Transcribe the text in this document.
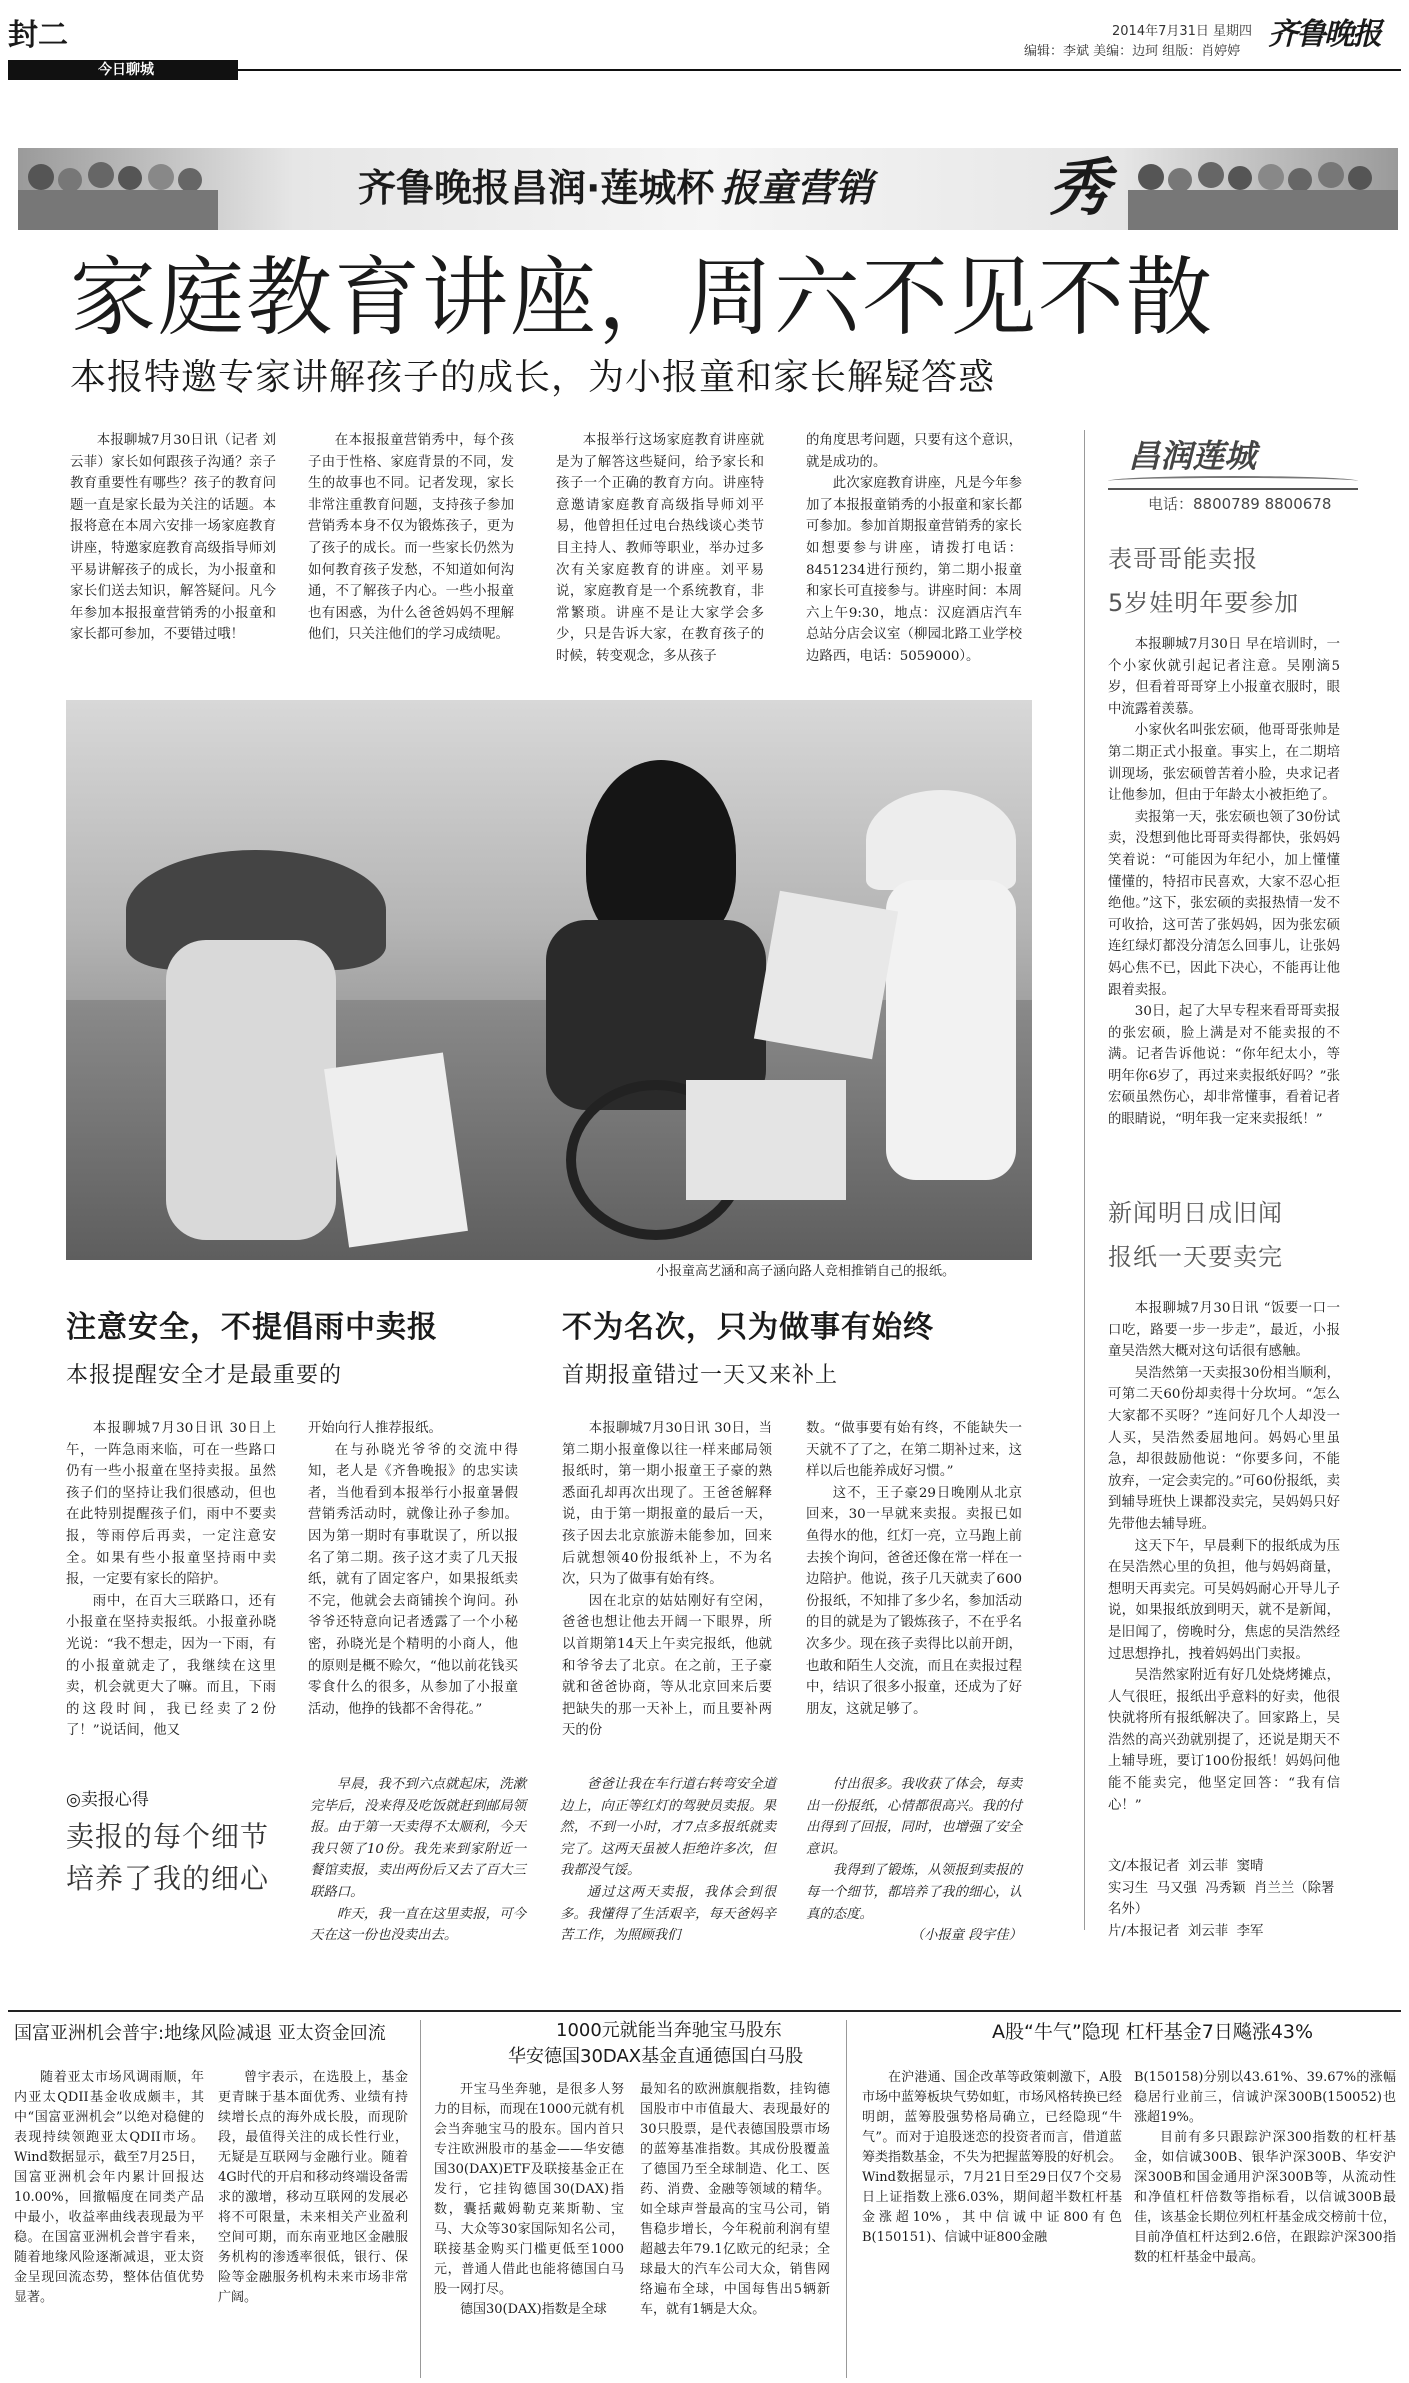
封二
今日聊城
2014年7月31日 星期四
编辑：李斌 美编：边珂 组版：肖婷婷 齐鲁晚报
齐鲁晚报昌润·莲城杯 报童营销	秀
家庭教育讲座，周六不见不散
本报特邀专家讲解孩子的成长，为小报童和家长解疑答惑

本报聊城7月30日讯（记者 刘云菲）家长如何跟孩子沟通？亲子教育重要性有哪些？孩子的教育问题一直是家长最为关注的话题。本报将意在本周六安排一场家庭教育讲座，特邀家庭教育高级指导师刘平易讲解孩子的成长，为小报童和家长们送去知识，解答疑问。凡今年参加本报报童营销秀的小报童和家长都可参加，不要错过哦！

在本报报童营销秀中，每个孩子由于性格、家庭背景的不同，发生的故事也不同。记者发现，家长非常注重教育问题，支持孩子参加营销秀本身不仅为锻炼孩子，更为了孩子的成长。而一些家长仍然为如何教育孩子发愁，不知道如何沟通，不了解孩子内心。一些小报童也有困惑，为什么爸爸妈妈不理解他们，只关注他们的学习成绩呢。

本报举行这场家庭教育讲座就是为了解答这些疑问，给予家长和孩子一个正确的教育方向。讲座特意邀请家庭教育高级指导师刘平易，他曾担任过电台热线谈心类节目主持人、教师等职业，举办过多次有关家庭教育的讲座。刘平易说，家庭教育是一个系统教育，非常繁琐。讲座不是让大家学会多少，只是告诉大家，在教育孩子的时候，转变观念，多从孩子

的角度思考问题，只要有这个意识，就是成功的。

此次家庭教育讲座，凡是今年参加了本报报童销秀的小报童和家长都可参加。参加首期报童营销秀的家长如想要参与讲座，请拨打电话：8451234进行预约，第二期小报童和家长可直接参与。讲座时间：本周六上午9:30，地点：汉庭酒店汽车总站分店会议室（柳园北路工业学校边路西，电话：5059000）。

小报童高艺涵和高子涵向路人竞相推销自己的报纸。
注意安全，不提倡雨中卖报
本报提醒安全才是最重要的

本报聊城7月30日讯 30日上午，一阵急雨来临，可在一些路口仍有一些小报童在坚持卖报。虽然孩子们的坚持让我们很感动，但也在此特别提醒孩子们，雨中不要卖报，等雨停后再卖，一定注意安全。如果有些小报童坚持雨中卖报，一定要有家长的陪护。

雨中，在百大三联路口，还有小报童在坚持卖报纸。小报童孙晓光说：“我不想走，因为一下雨，有的小报童就走了，我继续在这里卖，机会就更大了嘛。而且，下雨的这段时间，我已经卖了2份了！”说话间，他又

开始向行人推荐报纸。

在与孙晓光爷爷的交流中得知，老人是《齐鲁晚报》的忠实读者，当他看到本报举行小报童暑假营销秀活动时，就像让孙子参加。因为第一期时有事耽误了，所以报名了第二期。孩子这才卖了几天报纸，就有了固定客户，如果报纸卖不完，他就会去商铺挨个询问。孙爷爷还特意向记者透露了一个小秘密，孙晓光是个精明的小商人，他的原则是概不赊欠，“他以前花钱买零食什么的很多，从参加了小报童活动，他挣的钱都不舍得花。”

不为名次，只为做事有始终
首期报童错过一天又来补上

本报聊城7月30日讯 30日，当第二期小报童像以往一样来邮局领报纸时，第一期小报童王子豪的熟悉面孔却再次出现了。王爸爸解释说，由于第一期报童的最后一天，孩子因去北京旅游未能参加，回来后就想领40份报纸补上，不为名次，只为了做事有始有终。

因在北京的姑姑刚好有空闲，爸爸也想让他去开阔一下眼界，所以首期第14天上午卖完报纸，他就和爷爷去了北京。在之前，王子豪就和爸爸协商，等从北京回来后要把缺失的那一天补上，而且要补两天的份

数。“做事要有始有终，不能缺失一天就不了了之，在第二期补过来，这样以后也能养成好习惯。”

这不，王子豪29日晚刚从北京回来，30一早就来卖报。卖报已如鱼得水的他，红灯一亮，立马跑上前去挨个询问，爸爸还像在常一样在一边陪护。他说，孩子几天就卖了600份报纸，不知排了多少名，参加活动的目的就是为了锻炼孩子，不在乎名次多少。现在孩子卖得比以前开朗，也敢和陌生人交流，而且在卖报过程中，结识了很多小报童，还成为了好朋友，这就足够了。

◎卖报心得
卖报的每个细节
培养了我的细心

早晨，我不到六点就起床，洗漱完毕后，没来得及吃饭就赶到邮局领报。由于第一天卖得不太顺利，今天我只领了10份。我先来到家附近一餐馆卖报，卖出两份后又去了百大三联路口。

昨天，我一直在这里卖报，可今天在这一份也没卖出去。

爸爸让我在车行道右转弯安全道边上，向正等红灯的驾驶员卖报。果然，不到一小时，才7点多报纸就卖完了。这两天虽被人拒绝许多次，但我都没气馁。

通过这两天卖报，我体会到很多。我懂得了生活艰辛，每天爸妈辛苦工作，为照顾我们

付出很多。我收获了体会，每卖出一份报纸，心情都很高兴。我的付出得到了回报，同时，也增强了安全意识。

我得到了锻炼，从领报到卖报的每一个细节，都培养了我的细心，认真的态度。

（小报童 段宇佳）

昌润莲城
电话：8800789 8800678
表哥哥能卖报
5岁娃明年要参加

本报聊城7月30日 早在培训时，一个小家伙就引起记者注意。吴刚滴5岁，但看着哥哥穿上小报童衣服时，眼中流露着羡慕。

小家伙名叫张宏硕，他哥哥张帅是第二期正式小报童。事实上，在二期培训现场，张宏硕曾苦着小脸，央求记者让他参加，但由于年龄太小被拒绝了。

卖报第一天，张宏硕也领了30份试卖，没想到他比哥哥卖得都快，张妈妈笑着说：“可能因为年纪小，加上懂懂懂懂的，特招市民喜欢，大家不忍心拒绝他。”这下，张宏硕的卖报热情一发不可收拾，这可苦了张妈妈，因为张宏硕连红绿灯都没分清怎么回事儿，让张妈妈心焦不已，因此下决心，不能再让他跟着卖报。

30日，起了大早专程来看哥哥卖报的张宏硕，脸上满是对不能卖报的不满。记者告诉他说：“你年纪太小，等明年你6岁了，再过来卖报纸好吗？”张宏硕虽然伤心，却非常懂事，看着记者的眼睛说，“明年我一定来卖报纸！”

新闻明日成旧闻
报纸一天要卖完

本报聊城7月30日讯 “饭要一口一口吃，路要一步一步走”，最近，小报童吴浩然大概对这句话很有感触。

吴浩然第一天卖报30份相当顺利，可第二天60份却卖得十分坎坷。“怎么大家都不买呀？”连问好几个人却没一人买，吴浩然委屈地问。妈妈心里虽急，却很鼓励他说：“你要多问，不能放弃，一定会卖完的。”可60份报纸，卖到辅导班快上课都没卖完，吴妈妈只好先带他去辅导班。

这天下午，早晨剩下的报纸成为压在吴浩然心里的负担，他与妈妈商量，想明天再卖完。可吴妈妈耐心开导儿子说，如果报纸放到明天，就不是新闻，是旧闻了，傍晚时分，焦虑的吴浩然经过思想挣扎，拽着妈妈出门卖报。

吴浩然家附近有好几处烧烤摊点，人气很旺，报纸出乎意料的好卖，他很快就将所有报纸解决了。回家路上，吴浩然的高兴劲就别提了，还说是期天不上辅导班，要订100份报纸！妈妈问他能不能卖完，他坚定回答：“我有信心！”

文/本报记者  刘云菲  窦晴
实习生  马又强  冯秀颖  肖兰兰（除署名外）
片/本报记者  刘云菲  李军
国富亚洲机会普宇:地缘风险减退 亚太资金回流

随着亚太市场风调雨顺，年内亚太QDII基金收成颇丰，其中“国富亚洲机会”以绝对稳健的表现持续领跑亚太QDII市场。Wind数据显示，截至7月25日，国富亚洲机会年内累计回报达10.00%，回撤幅度在同类产品中最小，收益率曲线表现最为平稳。在国富亚洲机会普宇看来，随着地缘风险逐渐减退，亚太资金呈现回流态势，整体估值优势显著。

曾宇表示，在选股上，基金更青睐于基本面优秀、业绩有持续增长点的海外成长股，而现阶段，最值得关注的成长性行业，无疑是互联网与金融行业。随着4G时代的开启和移动终端设备需求的激增，移动互联网的发展必将不可限量，未来相关产业盈利空间可期，而东南亚地区金融服务机构的渗透率很低，银行、保险等金融服务机构未来市场非常广阔。

1000元就能当奔驰宝马股东
华安德国30DAX基金直通德国白马股

开宝马坐奔驰，是很多人努力的目标，而现在1000元就有机会当奔驰宝马的股东。国内首只专注欧洲股市的基金——华安德国30(DAX)ETF及联接基金正在发行，它挂钩德国30(DAX)指数，囊括戴姆勒克莱斯勒、宝马、大众等30家国际知名公司，联接基金购买门槛更低至1000元，普通人借此也能将德国白马股一网打尽。

德国30(DAX)指数是全球

最知名的欧洲旗舰指数，挂钩德国股市中市值最大、表现最好的30只股票，是代表德国股票市场的蓝筹基准指数。其成份股覆盖了德国乃至全球制造、化工、医药、消费、金融等领域的精华。如全球声誉最高的宝马公司，销售稳步增长，今年税前利润有望超越去年79.1亿欧元的纪录；全球最大的汽车公司大众，销售网络遍布全球，中国每售出5辆新车，就有1辆是大众。

A股“牛气”隐现 杠杆基金7日飚涨43%

在沪港通、国企改革等政策刺激下，A股市场中蓝筹板块气势如虹，市场风格转换已经明朗，蓝筹股强势格局确立，已经隐现“牛气”。而对于追股迷恋的投资者而言，借道蓝筹类指数基金，不失为把握蓝筹股的好机会。Wind数据显示，7月21日至29日仅7个交易日上证指数上涨6.03%，期间超半数杠杆基金涨超10%，其中信诚中证800有色B(150151)、信诚中证800金融

B(150158)分别以43.61%、39.67%的涨幅稳居行业前三，信诚沪深300B(150052)也涨超19%。

目前有多只跟踪沪深300指数的杠杆基金，如信诚300B、银华沪深300B、华安沪深300B和国金通用沪深300B等，从流动性和净值杠杆倍数等指标看，以信诚300B最佳，该基金长期位列杠杆基金成交榜前十位，目前净值杠杆达到2.6倍，在跟踪沪深300指数的杠杆基金中最高。
